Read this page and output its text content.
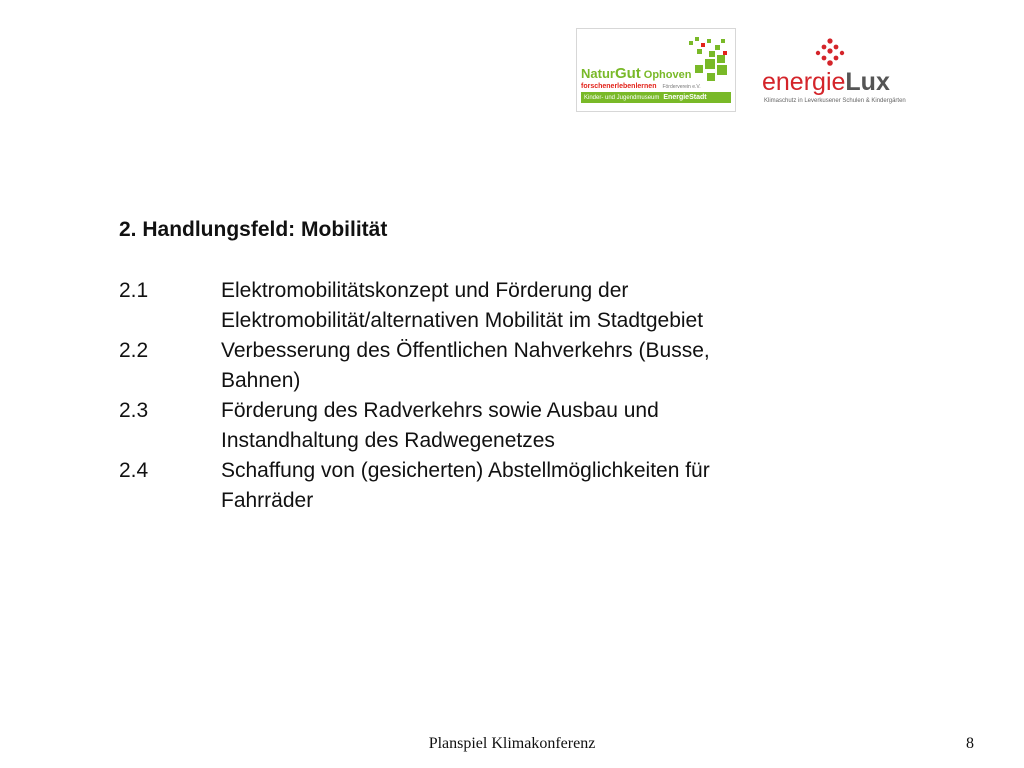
NaturGut Ophoven
forschenerlebenlernen Förderverein e.V.
Kinder- und Jugendmuseum EnergieStadt
energieLux
Klimaschutz in Leverkusener Schulen & Kindergärten
2. Handlungsfeld: Mobilität
2.1	Elektromobilitätskonzept und Förderung der
Elektromobilität/alternativen Mobilität im Stadtgebiet
2.2	Verbesserung des Öffentlichen Nahverkehrs (Busse,
Bahnen)
2.3	Förderung des Radverkehrs sowie Ausbau und
Instandhaltung des Radwegenetzes
2.4	Schaffung von (gesicherten) Abstellmöglichkeiten für
Fahrräder
Planspiel Klimakonferenz	8
